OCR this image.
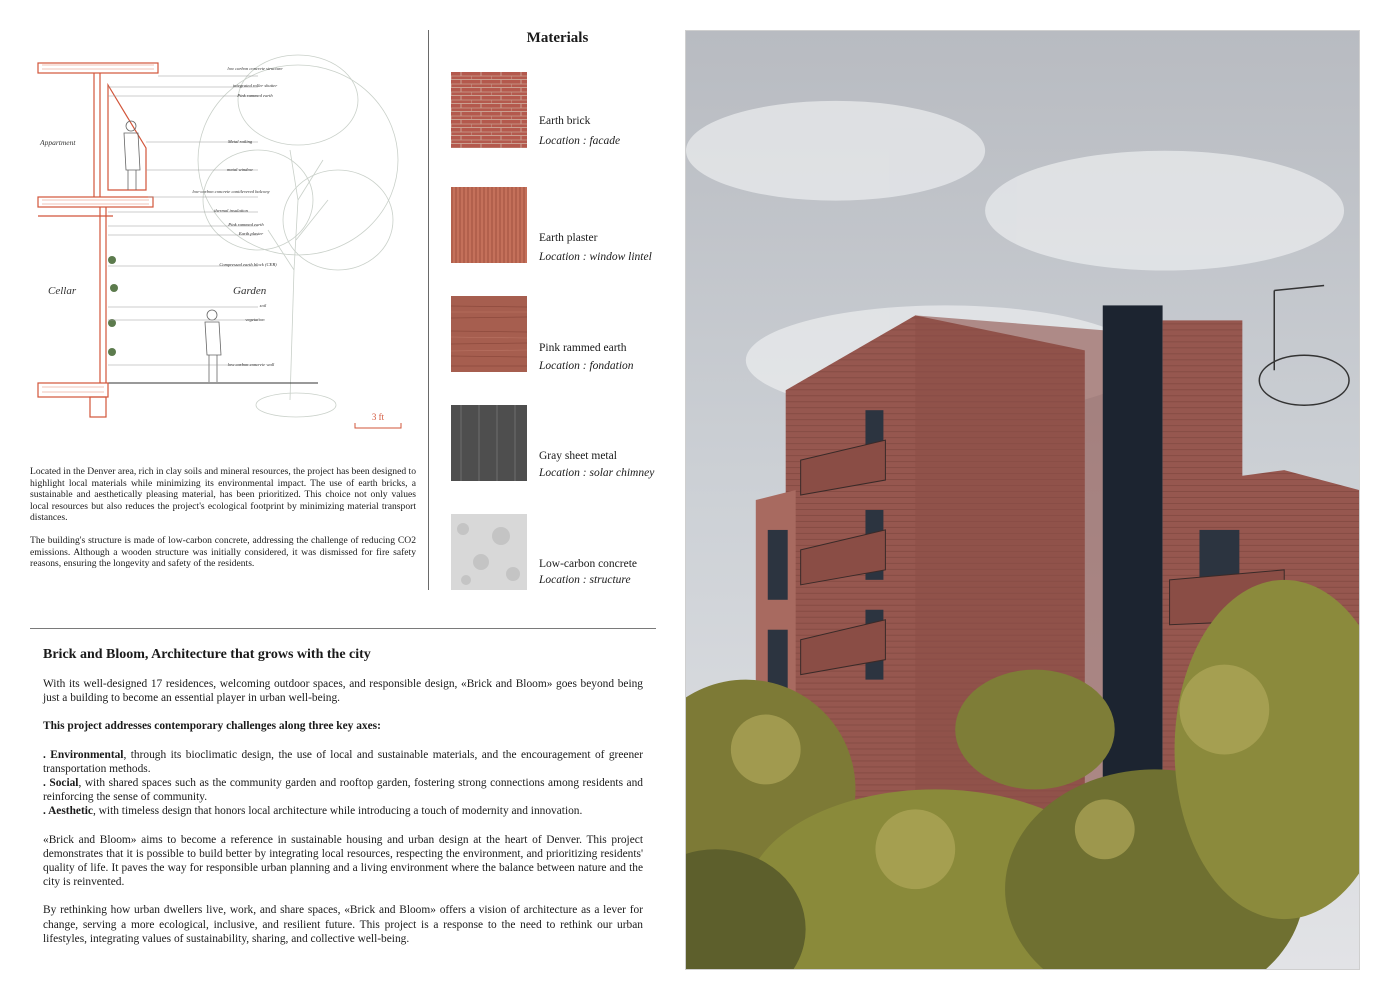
low carbon concrete structure
integrated roller shutter
Pink rammed earth
Metal railing
metal window
low-carbon concrete cantilevered balcony
thermal insulation
Pink rammed earth
Earth plaster
Compressed earth block (CEB)
soil
vegetation
low carbon concrete wall
Appartment
Cellar	Garden
3 ft

Located in the Denver area, rich in clay soils and mineral resources, the project has been designed to highlight local materials while minimizing its environmental impact. The use of earth bricks, a sustainable and aesthetically pleasing material, has been prioritized. This choice not only values local resources but also reduces the project's ecological footprint by minimizing material transport distances.

The building's structure is made of low-carbon concrete, addressing the challenge of reducing CO2 emissions. Although a wooden structure was initially considered, it was dismissed for fire safety reasons, ensuring the longevity and safety of the residents.

Materials
Earth brick
Location : facade
Earth plaster
Location : window lintel
Pink rammed earth
Location : fondation
Gray sheet metal
Location : solar chimney
Low-carbon concrete
Location : structure
Brick and Bloom, Architecture that grows with the city

With its well-designed 17 residences, welcoming outdoor spaces, and responsible design, «Brick and Bloom» goes beyond being just a building to become an essential player in urban well-being.

This project addresses contemporary challenges along three key axes:

. Environmental, through its bioclimatic design, the use of local and sustainable materials, and the encouragement of greener transportation methods.

. Social, with shared spaces such as the community garden and rooftop garden, fostering strong connections among residents and reinforcing the sense of community.

. Aesthetic, with timeless design that honors local architecture while introducing a touch of modernity and innovation.

«Brick and Bloom» aims to become a reference in sustainable housing and urban design at the heart of Denver. This project demonstrates that it is possible to build better by integrating local resources, respecting the environment, and prioritizing residents' quality of life. It paves the way for responsible urban planning and a living environment where the balance between nature and the city is reinvented.

By rethinking how urban dwellers live, work, and share spaces, «Brick and Bloom» offers a vision of architecture as a lever for change, serving a more ecological, inclusive, and resilient future. This project is a response to the need to rethink our urban lifestyles, integrating values of sustainability, sharing, and collective well-being.
